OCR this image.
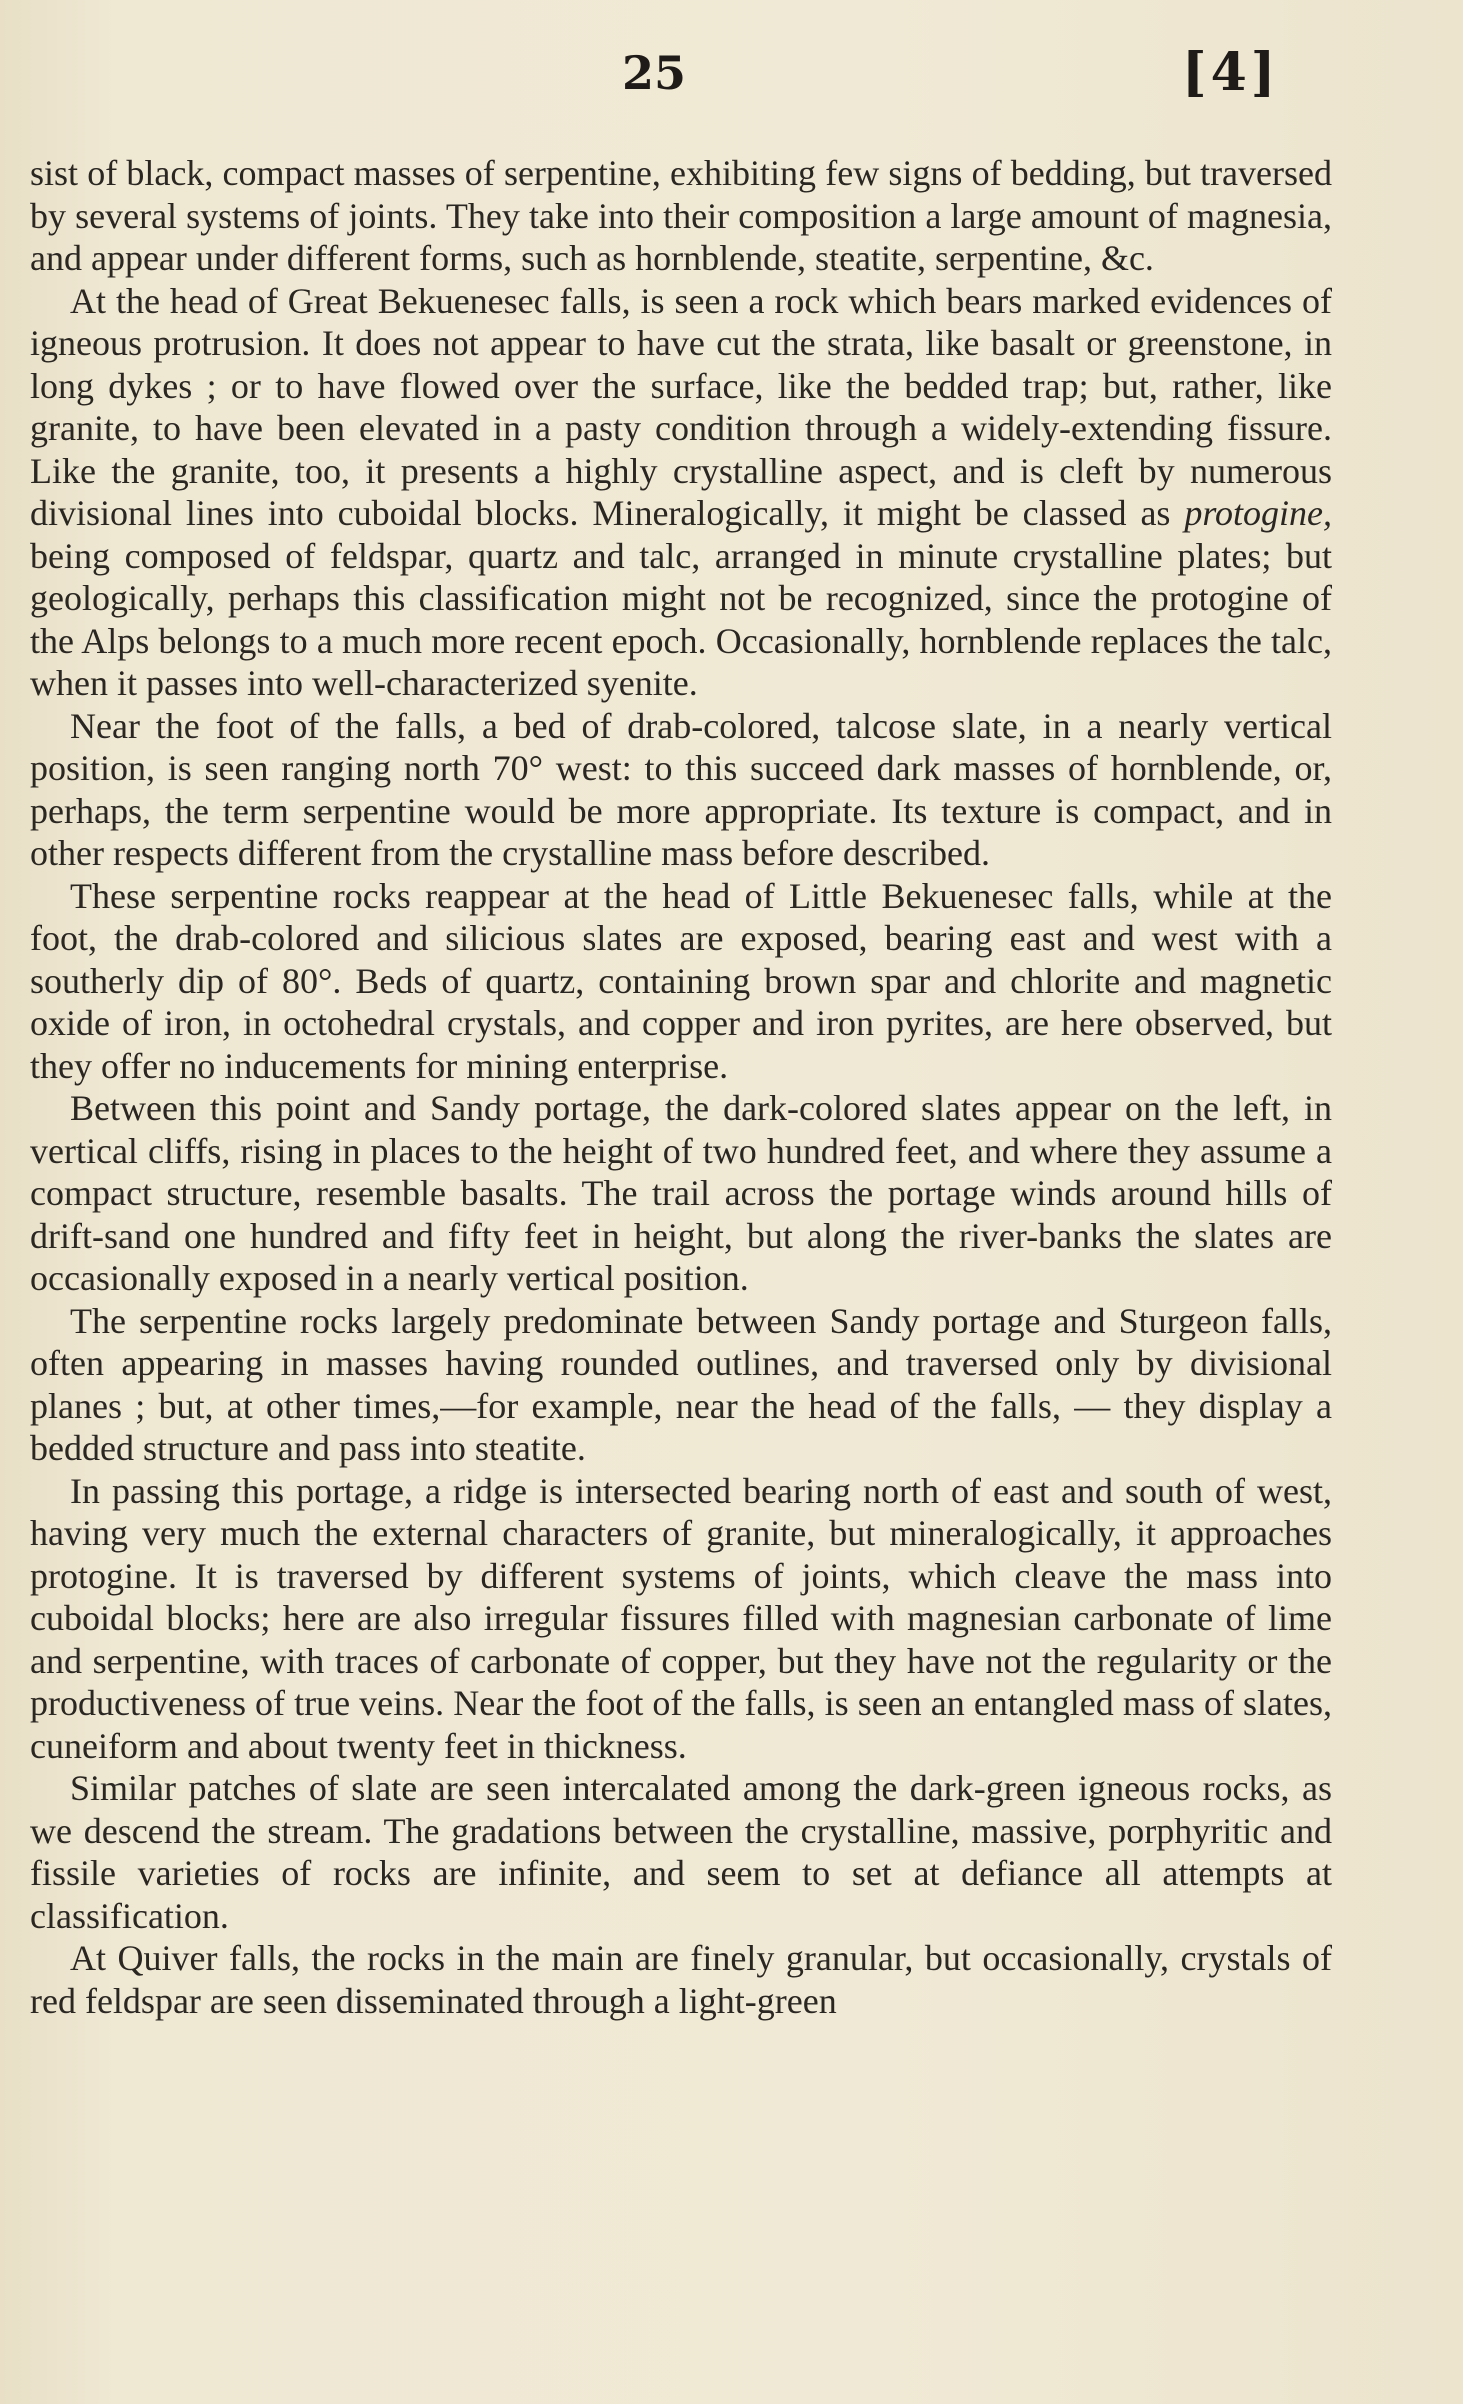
25	[4]

sist of black, compact masses of serpentine, exhibiting few signs of bedding, but traversed by several systems of joints. They take into their composition a large amount of magnesia, and appear under different forms, such as hornblende, steatite, serpentine, &c.

At the head of Great Bekuenesec falls, is seen a rock which bears marked evidences of igneous protrusion. It does not appear to have cut the strata, like basalt or greenstone, in long dykes ; or to have flowed over the surface, like the bedded trap; but, rather, like granite, to have been elevated in a pasty condition through a widely-extending fissure. Like the granite, too, it presents a highly crystalline aspect, and is cleft by numerous divisional lines into cuboidal blocks. Mineralogically, it might be classed as protogine, being composed of feldspar, quartz and talc, arranged in minute crystalline plates; but geologically, perhaps this classification might not be recognized, since the protogine of the Alps belongs to a much more recent epoch. Occasionally, hornblende replaces the talc, when it passes into well-characterized syenite.

Near the foot of the falls, a bed of drab-colored, talcose slate, in a nearly vertical position, is seen ranging north 70° west: to this succeed dark masses of hornblende, or, perhaps, the term serpentine would be more appropriate. Its texture is compact, and in other respects different from the crystalline mass before described.

These serpentine rocks reappear at the head of Little Bekuenesec falls, while at the foot, the drab-colored and silicious slates are exposed, bearing east and west with a southerly dip of 80°. Beds of quartz, containing brown spar and chlorite and magnetic oxide of iron, in octohedral crystals, and copper and iron pyrites, are here observed, but they offer no inducements for mining enterprise.

Between this point and Sandy portage, the dark-colored slates appear on the left, in vertical cliffs, rising in places to the height of two hundred feet, and where they assume a compact structure, resemble basalts. The trail across the portage winds around hills of drift-sand one hundred and fifty feet in height, but along the river-banks the slates are occasionally exposed in a nearly vertical position.

The serpentine rocks largely predominate between Sandy portage and Sturgeon falls, often appearing in masses having rounded outlines, and traversed only by divisional planes ; but, at other times,—for example, near the head of the falls, — they display a bedded structure and pass into steatite.

In passing this portage, a ridge is intersected bearing north of east and south of west, having very much the external characters of granite, but mineralogically, it approaches protogine. It is traversed by different systems of joints, which cleave the mass into cuboidal blocks; here are also irregular fissures filled with magnesian carbonate of lime and serpentine, with traces of carbonate of copper, but they have not the regularity or the productiveness of true veins. Near the foot of the falls, is seen an entangled mass of slates, cuneiform and about twenty feet in thickness.

Similar patches of slate are seen intercalated among the dark-green igneous rocks, as we descend the stream. The gradations between the crystalline, massive, porphyritic and fissile varieties of rocks are infinite, and seem to set at defiance all attempts at classification.

At Quiver falls, the rocks in the main are finely granular, but occasionally, crystals of red feldspar are seen disseminated through a light-green
